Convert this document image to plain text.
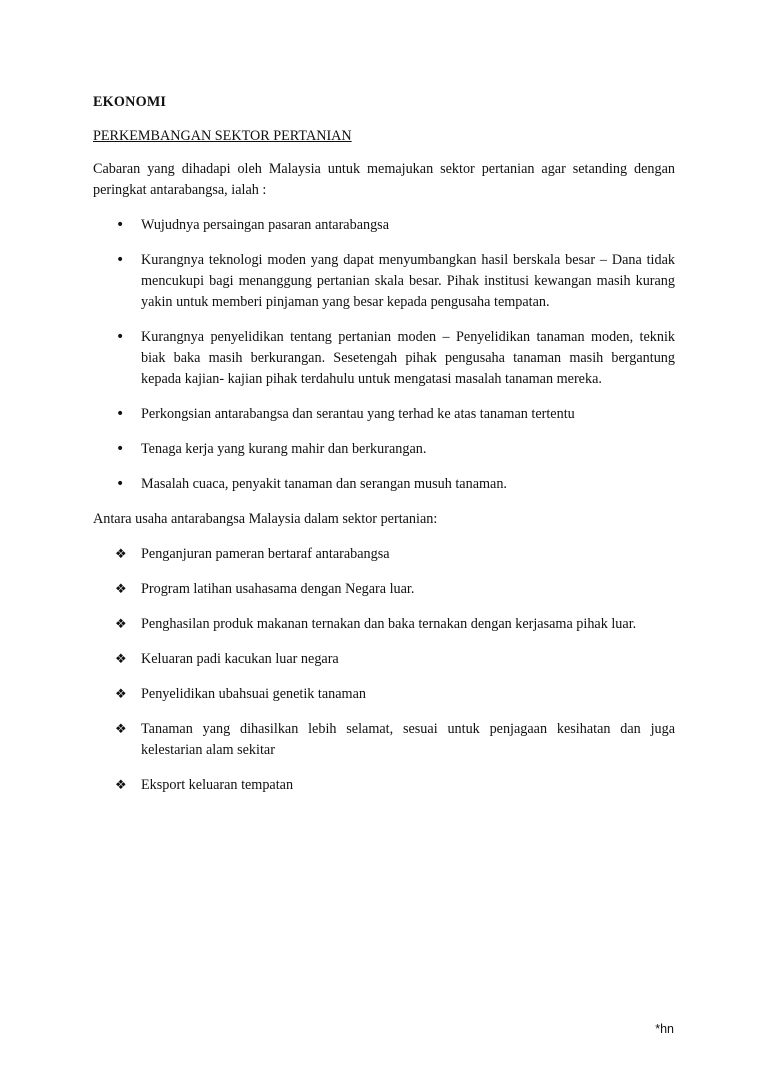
EKONOMI
PERKEMBANGAN SEKTOR PERTANIAN

Cabaran yang dihadapi oleh Malaysia untuk memajukan sektor pertanian agar setanding dengan peringkat antarabangsa, ialah :

• Wujudnya persaingan pasaran antarabangsa
• Kurangnya teknologi moden yang dapat menyumbangkan hasil berskala besar – Dana tidak mencukupi bagi menanggung pertanian skala besar. Pihak institusi kewangan masih kurang yakin untuk memberi pinjaman yang besar kepada pengusaha tempatan.
• Kurangnya penyelidikan tentang pertanian moden – Penyelidikan tanaman moden, teknik biak baka masih berkurangan. Sesetengah pihak pengusaha tanaman masih bergantung kepada kajian- kajian pihak terdahulu untuk mengatasi masalah tanaman mereka.
• Perkongsian antarabangsa dan serantau yang terhad ke atas tanaman tertentu
• Tenaga kerja yang kurang mahir dan berkurangan.
• Masalah cuaca, penyakit tanaman dan serangan musuh tanaman.

Antara usaha antarabangsa Malaysia dalam sektor pertanian:

❖ Penganjuran pameran bertaraf antarabangsa
❖ Program latihan usahasama dengan Negara luar.
❖ Penghasilan produk makanan ternakan dan baka ternakan dengan kerjasama pihak luar.
❖ Keluaran padi kacukan luar negara
❖ Penyelidikan ubahsuai genetik tanaman
❖ Tanaman yang dihasilkan lebih selamat, sesuai untuk penjagaan kesihatan dan juga kelestarian alam sekitar
❖ Eksport keluaran tempatan
*hn
